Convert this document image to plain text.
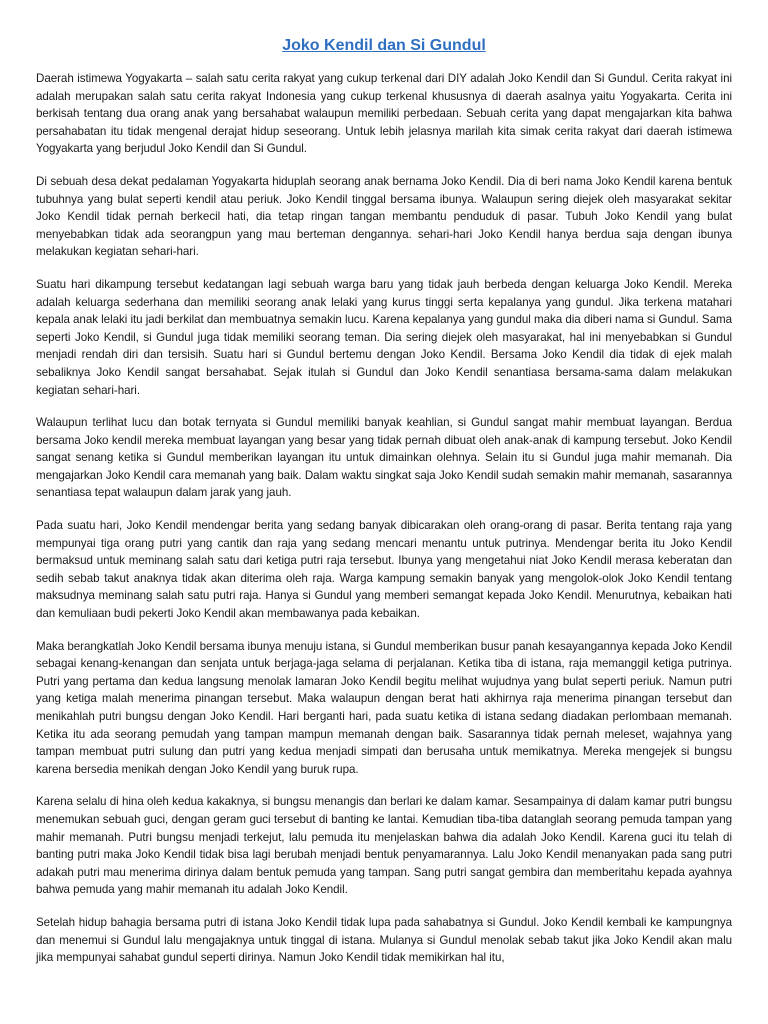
Joko Kendil dan Si Gundul

Daerah istimewa Yogyakarta – salah satu cerita rakyat yang cukup terkenal dari DIY adalah Joko Kendil dan Si Gundul. Cerita rakyat ini adalah merupakan salah satu cerita rakyat Indonesia yang cukup terkenal khususnya di daerah asalnya yaitu Yogyakarta. Cerita ini berkisah tentang dua orang anak yang bersahabat walaupun memiliki perbedaan. Sebuah cerita yang dapat mengajarkan kita bahwa persahabatan itu tidak mengenal derajat hidup seseorang. Untuk lebih jelasnya marilah kita simak cerita rakyat dari daerah istimewa Yogyakarta yang berjudul Joko Kendil dan Si Gundul.

Di sebuah desa dekat pedalaman Yogyakarta hiduplah seorang anak bernama Joko Kendil. Dia di beri nama Joko Kendil karena bentuk tubuhnya yang bulat seperti kendil atau periuk. Joko Kendil tinggal bersama ibunya. Walaupun sering diejek oleh masyarakat sekitar Joko Kendil tidak pernah berkecil hati, dia tetap ringan tangan membantu penduduk di pasar. Tubuh Joko Kendil yang bulat menyebabkan tidak ada seorangpun yang mau berteman dengannya. sehari-hari Joko Kendil hanya berdua saja dengan ibunya melakukan kegiatan sehari-hari.

Suatu hari dikampung tersebut kedatangan lagi sebuah warga baru yang tidak jauh berbeda dengan keluarga Joko Kendil. Mereka adalah keluarga sederhana dan memiliki seorang anak lelaki yang kurus tinggi serta kepalanya yang gundul. Jika terkena matahari kepala anak lelaki itu jadi berkilat dan membuatnya semakin lucu. Karena kepalanya yang gundul maka dia diberi nama si Gundul. Sama seperti Joko Kendil, si Gundul juga tidak memiliki seorang teman. Dia sering diejek oleh masyarakat, hal ini menyebabkan si Gundul menjadi rendah diri dan tersisih. Suatu hari si Gundul bertemu dengan Joko Kendil. Bersama Joko Kendil dia tidak di ejek malah sebaliknya Joko Kendil sangat bersahabat. Sejak itulah si Gundul dan Joko Kendil senantiasa bersama-sama dalam melakukan kegiatan sehari-hari.

Walaupun terlihat lucu dan botak ternyata si Gundul memiliki banyak keahlian, si Gundul sangat mahir membuat layangan. Berdua bersama Joko kendil mereka membuat layangan yang besar yang tidak pernah dibuat oleh anak-anak di kampung tersebut. Joko Kendil sangat senang ketika si Gundul memberikan layangan itu untuk dimainkan olehnya. Selain itu si Gundul juga mahir memanah. Dia mengajarkan Joko Kendil cara memanah yang baik. Dalam waktu singkat saja Joko Kendil sudah semakin mahir memanah, sasarannya senantiasa tepat walaupun dalam jarak yang jauh.

Pada suatu hari, Joko Kendil mendengar berita yang sedang banyak dibicarakan oleh orang-orang di pasar. Berita tentang raja yang mempunyai tiga orang putri yang cantik dan raja yang sedang mencari menantu untuk putrinya. Mendengar berita itu Joko Kendil bermaksud untuk meminang salah satu dari ketiga putri raja tersebut. Ibunya yang mengetahui niat Joko Kendil merasa keberatan dan sedih sebab takut anaknya tidak akan diterima oleh raja. Warga kampung semakin banyak yang mengolok-olok Joko Kendil tentang maksudnya meminang salah satu putri raja. Hanya si Gundul yang memberi semangat kepada Joko Kendil. Menurutnya, kebaikan hati dan kemuliaan budi pekerti Joko Kendil akan membawanya pada kebaikan.

Maka berangkatlah Joko Kendil bersama ibunya menuju istana, si Gundul memberikan busur panah kesayangannya kepada Joko Kendil sebagai kenang-kenangan dan senjata untuk berjaga-jaga selama di perjalanan. Ketika tiba di istana, raja memanggil ketiga putrinya. Putri yang pertama dan kedua langsung menolak lamaran Joko Kendil begitu melihat wujudnya yang bulat seperti periuk. Namun putri yang ketiga malah menerima pinangan tersebut. Maka walaupun dengan berat hati akhirnya raja menerima pinangan tersebut dan menikahlah putri bungsu dengan Joko Kendil. Hari berganti hari, pada suatu ketika di istana sedang diadakan perlombaan memanah. Ketika itu ada seorang pemudah yang tampan mampun memanah dengan baik. Sasarannya tidak pernah meleset, wajahnya yang tampan membuat putri sulung dan putri yang kedua menjadi simpati dan berusaha untuk memikatnya. Mereka mengejek si bungsu karena bersedia menikah dengan Joko Kendil yang buruk rupa.

Karena selalu di hina oleh kedua kakaknya, si bungsu menangis dan berlari ke dalam kamar. Sesampainya di dalam kamar putri bungsu menemukan sebuah guci, dengan geram guci tersebut di banting ke lantai. Kemudian tiba-tiba datanglah seorang pemuda tampan yang mahir memanah. Putri bungsu menjadi terkejut, lalu pemuda itu menjelaskan bahwa dia adalah Joko Kendil. Karena guci itu telah di banting putri maka Joko Kendil tidak bisa lagi berubah menjadi bentuk penyamarannya. Lalu Joko Kendil menanyakan pada sang putri adakah putri mau menerima dirinya dalam bentuk pemuda yang tampan. Sang putri sangat gembira dan memberitahu kepada ayahnya bahwa pemuda yang mahir memanah itu adalah Joko Kendil.

Setelah hidup bahagia bersama putri di istana Joko Kendil tidak lupa pada sahabatnya si Gundul. Joko Kendil kembali ke kampungnya dan menemui si Gundul lalu mengajaknya untuk tinggal di istana. Mulanya si Gundul menolak sebab takut jika Joko Kendil akan malu jika mempunyai sahabat gundul seperti dirinya. Namun Joko Kendil tidak memikirkan hal itu,
